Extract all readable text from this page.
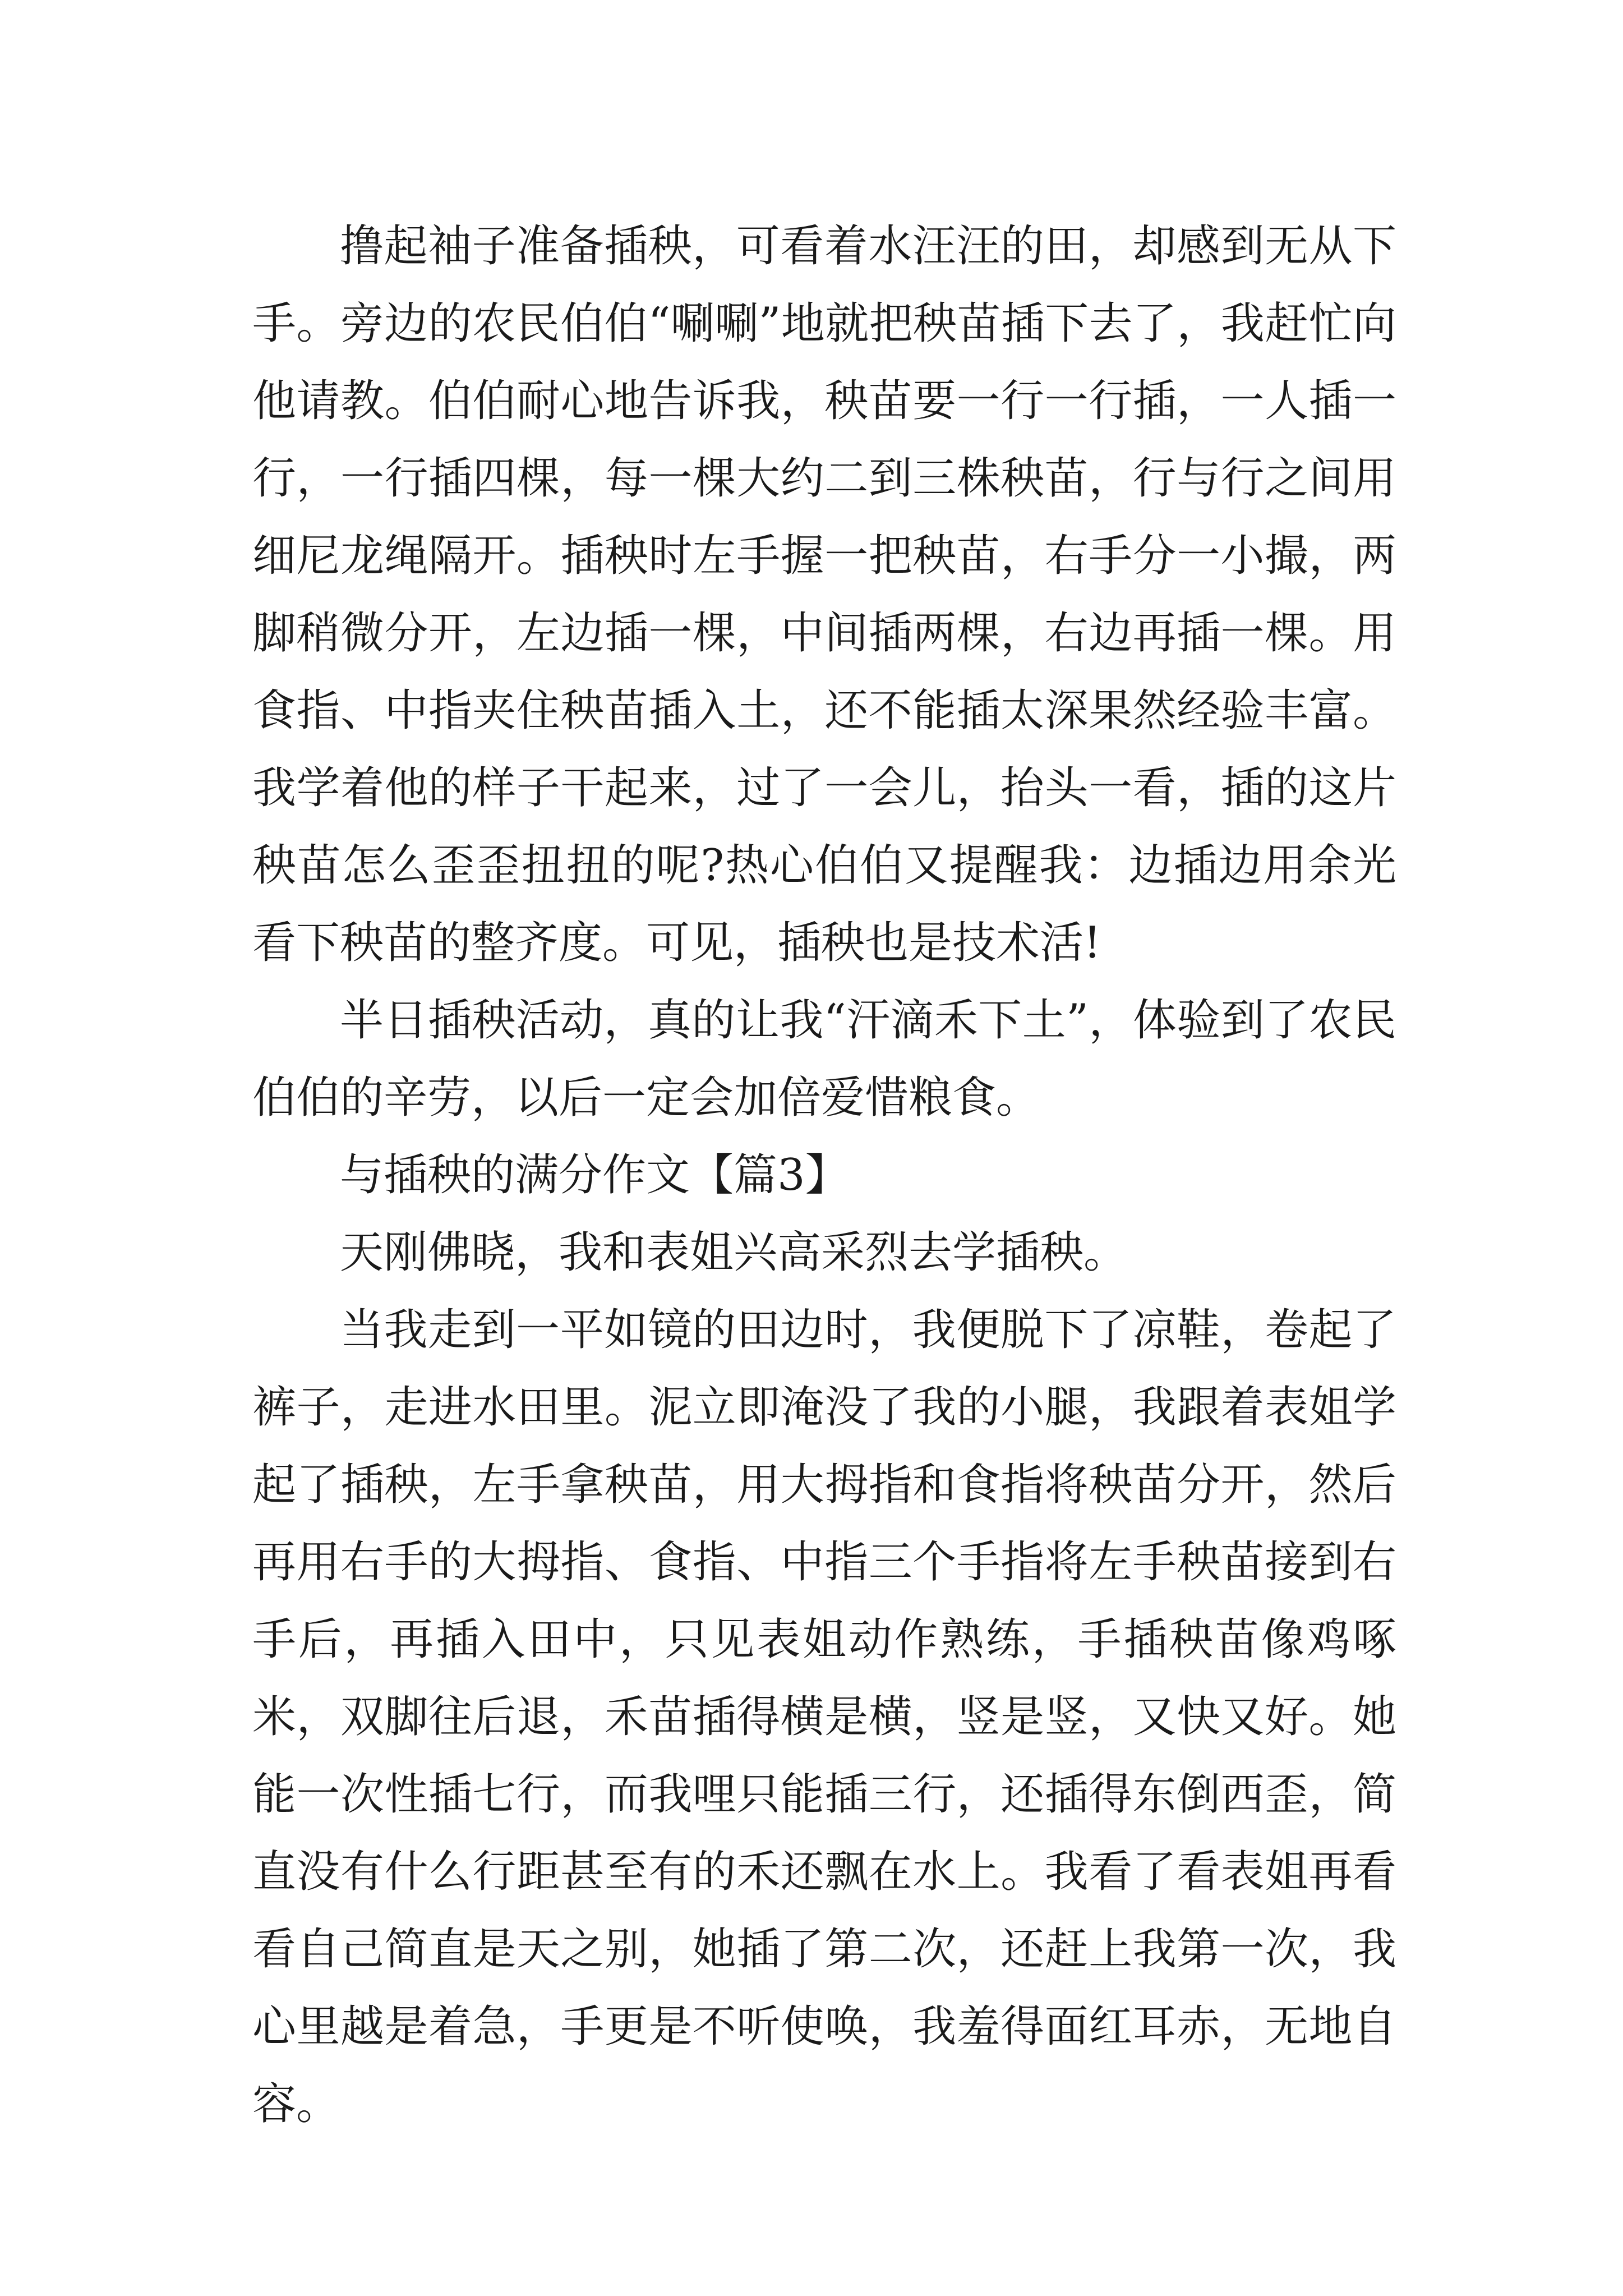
撸起袖子准备插秧，可看着水汪汪的田，却感到无从下手。旁边的农民伯伯“唰唰”地就把秧苗插下去了，我赶忙向他请教。伯伯耐心地告诉我，秧苗要一行一行插，一人插一行，一行插四棵，每一棵大约二到三株秧苗，行与行之间用细尼龙绳隔开。插秧时左手握一把秧苗，右手分一小撮，两脚稍微分开，左边插一棵，中间插两棵，右边再插一棵。用食指、中指夹住秧苗插入土，还不能插太深果然经验丰富。我学着他的样子干起来，过了一会儿，抬头一看，插的这片秧苗怎么歪歪扭扭的呢?热心伯伯又提醒我：边插边用余光看下秧苗的整齐度。可见，插秧也是技术活!

半日插秧活动，真的让我“汗滴禾下土”，体验到了农民伯伯的辛劳，以后一定会加倍爱惜粮食。

与插秧的满分作文【篇3】

天刚佛晓，我和表姐兴高采烈去学插秧。

当我走到一平如镜的田边时，我便脱下了凉鞋，卷起了裤子，走进水田里。泥立即淹没了我的小腿，我跟着表姐学起了插秧，左手拿秧苗，用大拇指和食指将秧苗分开，然后再用右手的大拇指、食指、中指三个手指将左手秧苗接到右手后，再插入田中，只见表姐动作熟练，手插秧苗像鸡啄米，双脚往后退，禾苗插得横是横，竖是竖，又快又好。她能一次性插七行，而我哩只能插三行，还插得东倒西歪，简直没有什么行距甚至有的禾还飘在水上。我看了看表姐再看看自己简直是天之别，她插了第二次，还赶上我第一次，我心里越是着急，手更是不听使唤，我羞得面红耳赤，无地自容。
